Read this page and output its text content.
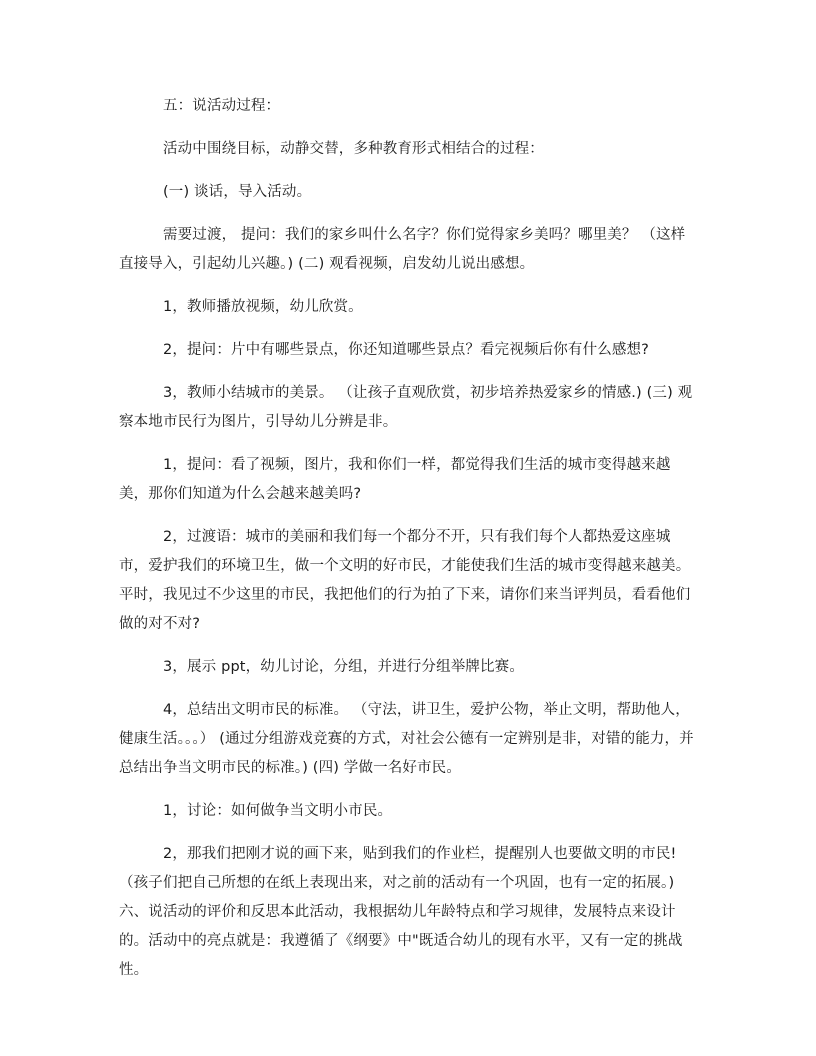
五：说活动过程：

活动中围绕目标，动静交替，多种教育形式相结合的过程：

(一) 谈话，导入活动。

需要过渡， 提问：我们的家乡叫什么名字？你们觉得家乡美吗？哪里美？ （这样直接导入，引起幼儿兴趣。) (二) 观看视频，启发幼儿说出感想。

1，教师播放视频，幼儿欣赏。

2，提问：片中有哪些景点，你还知道哪些景点？看完视频后你有什么感想?

3，教师小结城市的美景。 （让孩子直观欣赏，初步培养热爱家乡的情感.) (三) 观察本地市民行为图片，引导幼儿分辨是非。

1，提问：看了视频，图片，我和你们一样，都觉得我们生活的城市变得越来越美，那你们知道为什么会越来越美吗?

2，过渡语：城市的美丽和我们每一个都分不开，只有我们每个人都热爱这座城市，爱护我们的环境卫生，做一个文明的好市民，才能使我们生活的城市变得越来越美。平时，我见过不少这里的市民，我把他们的行为拍了下来，请你们来当评判员，看看他们做的对不对?

3，展示 ppt，幼儿讨论，分组，并进行分组举牌比赛。

4，总结出文明市民的标准。 （守法，讲卫生，爱护公物，举止文明，帮助他人，健康生活。。。） (通过分组游戏竞赛的方式，对社会公德有一定辨别是非，对错的能力，并总结出争当文明市民的标准。) (四) 学做一名好市民。

1，讨论：如何做争当文明小市民。

2，那我们把刚才说的画下来，贴到我们的作业栏，提醒别人也要做文明的市民! （孩子们把自己所想的在纸上表现出来，对之前的活动有一个巩固，也有一定的拓展。) 六、说活动的评价和反思本此活动，我根据幼儿年龄特点和学习规律，发展特点来设计的。活动中的亮点就是：我遵循了《纲要》中"既适合幼儿的现有水平，又有一定的挑战性。
